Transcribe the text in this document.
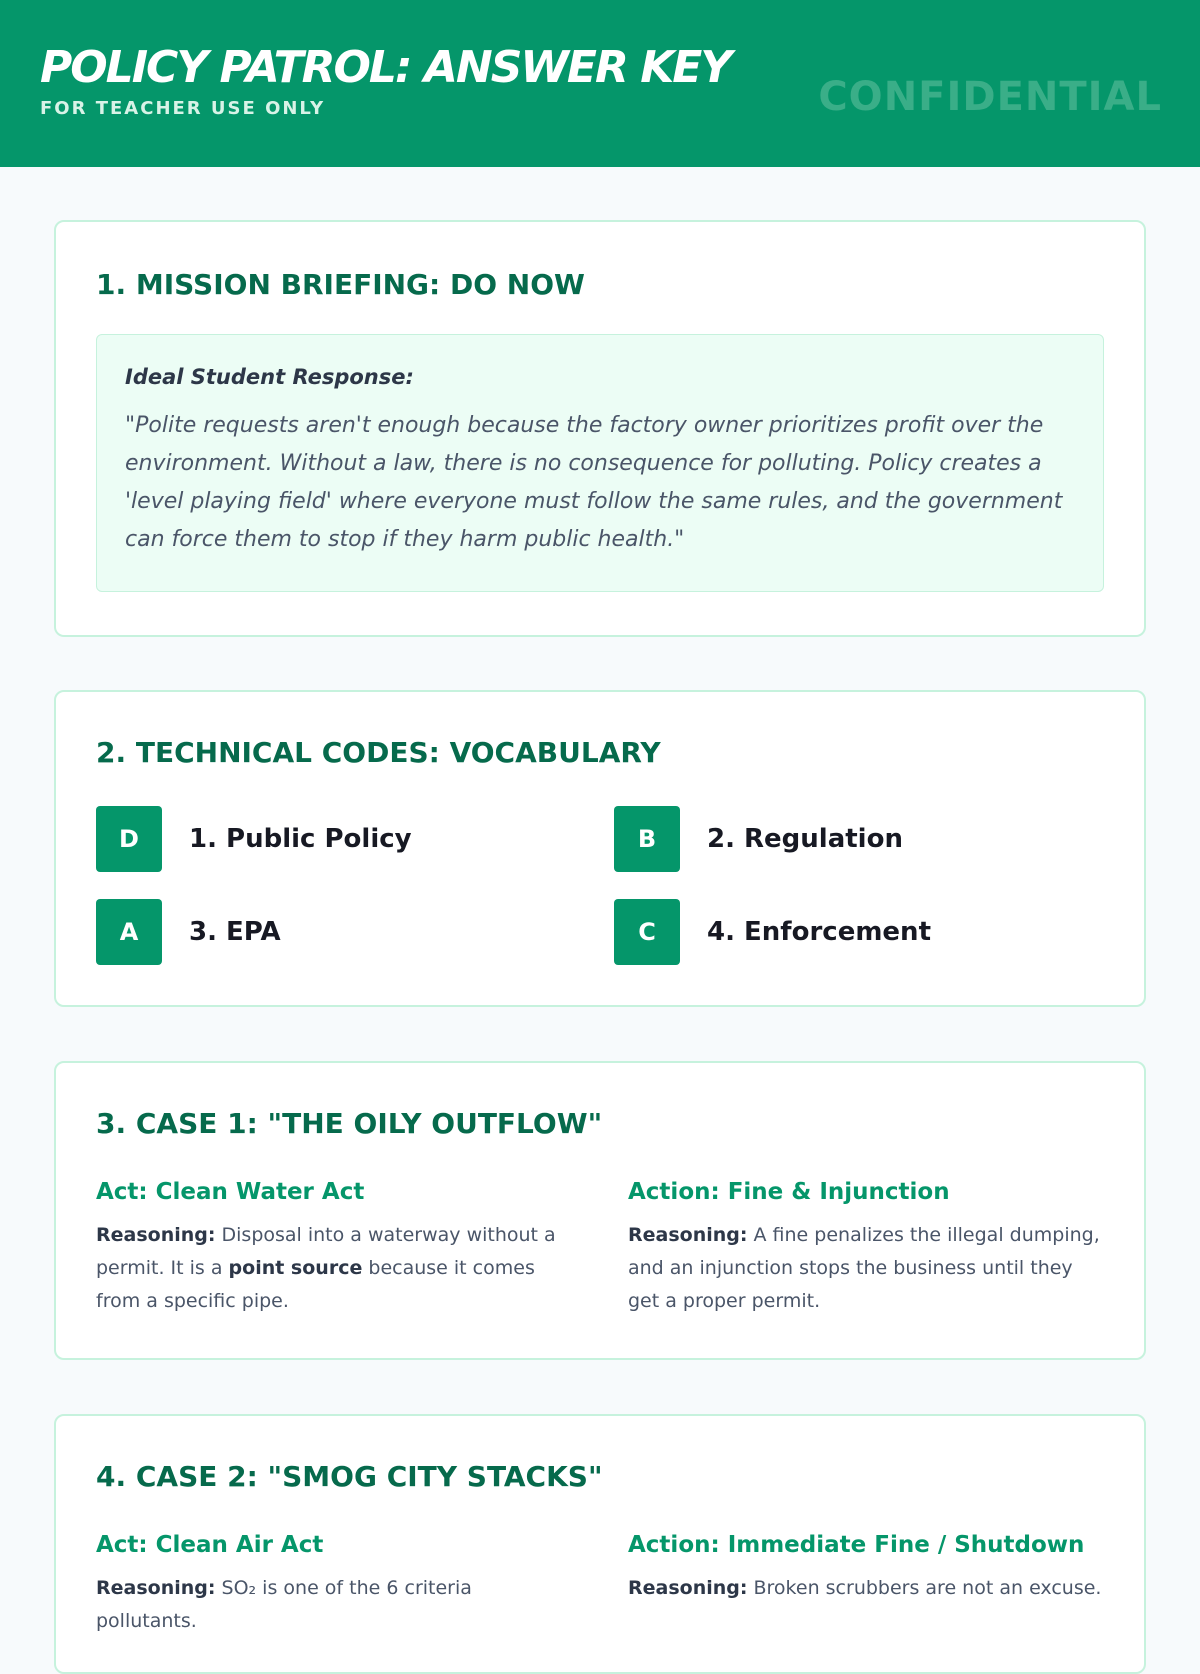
POLICY PATROL: ANSWER KEY
FOR TEACHER USE ONLY	CONFIDENTIAL
1. MISSION BRIEFING: DO NOW
Ideal Student Response:
"Polite requests aren't enough because the factory owner prioritizes profit over the environment. Without a law, there is no consequence for polluting. Policy creates a 'level playing field' where everyone must follow the same rules, and the government can force them to stop if they harm public health."
2. TECHNICAL CODES: VOCABULARY
D	1. Public Policy	B	2. Regulation
A	3. EPA	C	4. Enforcement
3. CASE 1: "THE OILY OUTFLOW"
Act: Clean Water Act
Reasoning: Disposal into a waterway without a permit. It is a point source because it comes from a specific pipe.
Action: Fine & Injunction
Reasoning: A fine penalizes the illegal dumping, and an injunction stops the business until they get a proper permit.
4. CASE 2: "SMOG CITY STACKS"
Act: Clean Air Act
Reasoning: SO₂ is one of the 6 criteria pollutants.
Action: Immediate Fine / Shutdown
Reasoning: Broken scrubbers are not an excuse.
